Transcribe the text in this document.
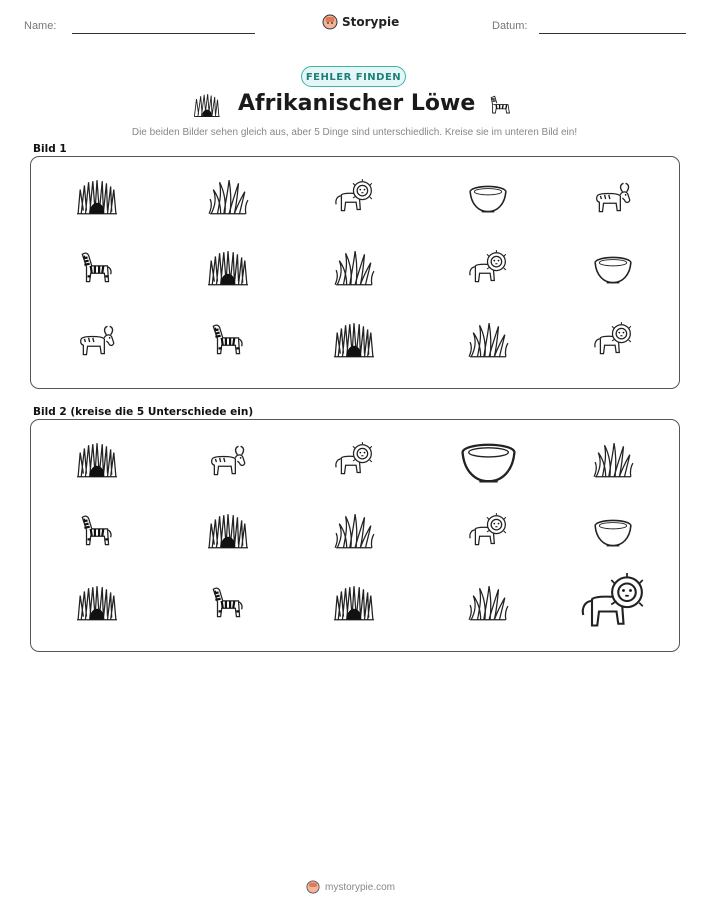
Name:	Storypie	Datum:
FEHLER FINDEN
Afrikanischer Löwe
Die beiden Bilder sehen gleich aus, aber 5 Dinge sind unterschiedlich. Kreise sie im unteren Bild ein!
Bild 1
Bild 2 (kreise die 5 Unterschiede ein)
mystorypie.com
